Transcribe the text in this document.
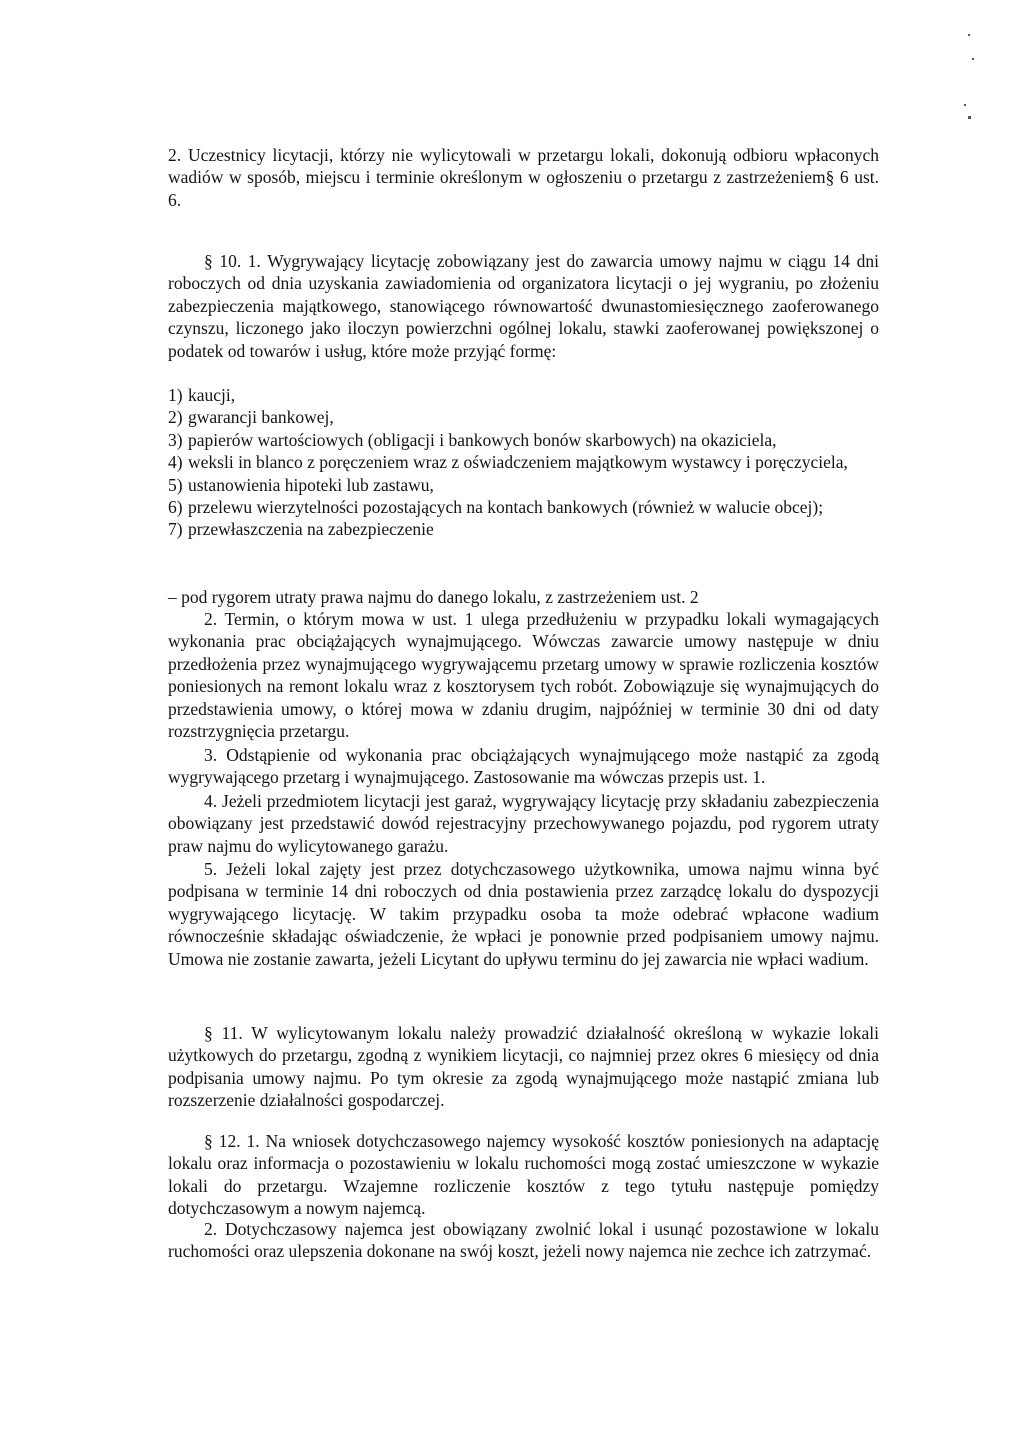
2. Uczestnicy licytacji, którzy nie wylicytowali w przetargu lokali, dokonują odbioru wpłaconych wadiów w sposób, miejscu i terminie określonym w ogłoszeniu o przetargu z zastrzeżeniem§ 6 ust. 6.

§ 10. 1. Wygrywający licytację zobowiązany jest do zawarcia umowy najmu w ciągu 14 dni roboczych od dnia uzyskania zawiadomienia od organizatora licytacji o jej wygraniu, po złożeniu zabezpieczenia majątkowego, stanowiącego równowartość dwunastomiesięcznego zaoferowanego czynszu, liczonego jako iloczyn powierzchni ogólnej lokalu, stawki zaoferowanej powiększonej o podatek od towarów i usług, które może przyjąć formę:

1) kaucji,
2) gwarancji bankowej,
3) papierów wartościowych (obligacji i bankowych bonów skarbowych) na okaziciela,
4) weksli in blanco z poręczeniem wraz z oświadczeniem majątkowym wystawcy i poręczyciela,
5) ustanowienia hipoteki lub zastawu,
6) przelewu wierzytelności pozostających na kontach bankowych (również w walucie obcej);
7) przewłaszczenia na zabezpieczenie
– pod rygorem utraty prawa najmu do danego lokalu, z zastrzeżeniem ust. 2

2. Termin, o którym mowa w ust. 1 ulega przedłużeniu w przypadku lokali wymagających wykonania prac obciążających wynajmującego. Wówczas zawarcie umowy następuje w dniu przedłożenia przez wynajmującego wygrywającemu przetarg umowy w sprawie rozliczenia kosztów poniesionych na remont lokalu wraz z kosztorysem tych robót. Zobowiązuje się wynajmujących do przedstawienia umowy, o której mowa w zdaniu drugim, najpóźniej w terminie 30 dni od daty rozstrzygnięcia przetargu.

3. Odstąpienie od wykonania prac obciążających wynajmującego może nastąpić za zgodą wygrywającego przetarg i wynajmującego. Zastosowanie ma wówczas przepis ust. 1.

4. Jeżeli przedmiotem licytacji jest garaż, wygrywający licytację przy składaniu zabezpieczenia obowiązany jest przedstawić dowód rejestracyjny przechowywanego pojazdu, pod rygorem utraty praw najmu do wylicytowanego garażu.

5. Jeżeli lokal zajęty jest przez dotychczasowego użytkownika, umowa najmu winna być podpisana w terminie 14 dni roboczych od dnia postawienia przez zarządcę lokalu do dyspozycji wygrywającego licytację. W takim przypadku osoba ta może odebrać wpłacone wadium równocześnie składając oświadczenie, że wpłaci je ponownie przed podpisaniem umowy najmu. Umowa nie zostanie zawarta, jeżeli Licytant do upływu terminu do jej zawarcia nie wpłaci wadium.

§ 11. W wylicytowanym lokalu należy prowadzić działalność określoną w wykazie lokali użytkowych do przetargu, zgodną z wynikiem licytacji, co najmniej przez okres 6 miesięcy od dnia podpisania umowy najmu. Po tym okresie za zgodą wynajmującego może nastąpić zmiana lub rozszerzenie działalności gospodarczej.

§ 12. 1. Na wniosek dotychczasowego najemcy wysokość kosztów poniesionych na adaptację lokalu oraz informacja o pozostawieniu w lokalu ruchomości mogą zostać umieszczone w wykazie lokali do przetargu. Wzajemne rozliczenie kosztów z tego tytułu następuje pomiędzy dotychczasowym a nowym najemcą.

2. Dotychczasowy najemca jest obowiązany zwolnić lokal i usunąć pozostawione w lokalu ruchomości oraz ulepszenia dokonane na swój koszt, jeżeli nowy najemca nie zechce ich zatrzymać.
